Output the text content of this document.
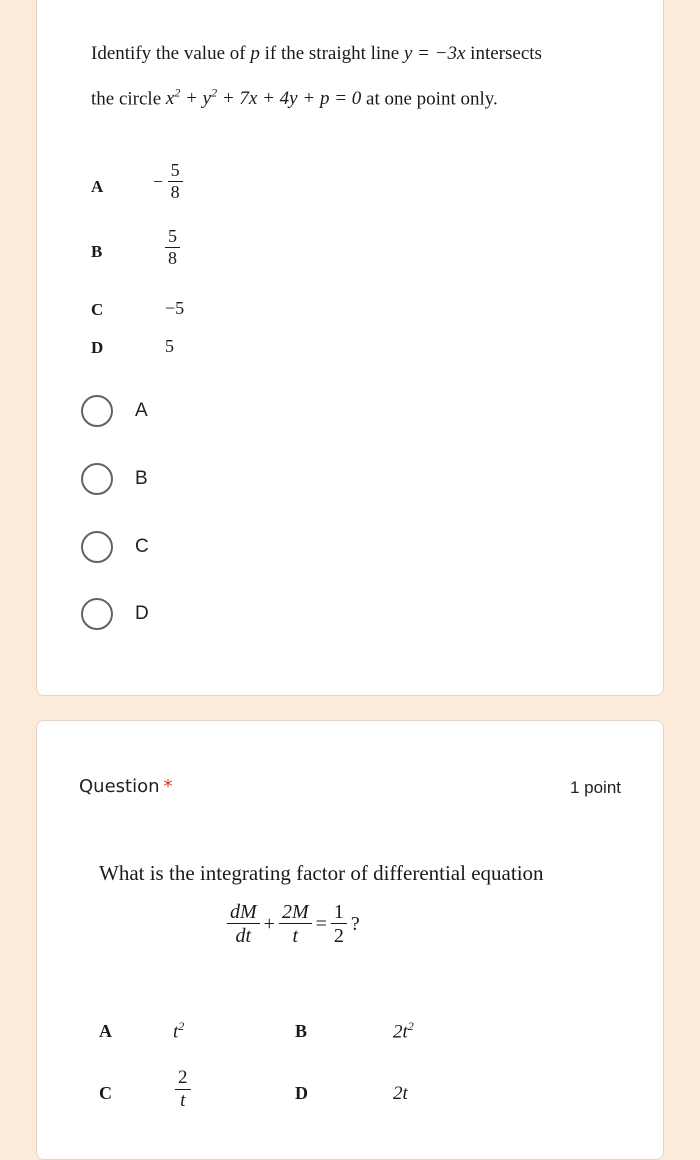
Identify the value of p if the straight line y = −3x intersects
the circle $x^2 + y^2 + 7x + 4y + p = 0$ at one point only.
A	− $\frac{5}{8}$
B	$\frac{5}{8}$
C	−5
D	5
A
B
C
D
Question *	1 point
What is the integrating factor of differential equation
$\frac{dM}{dt} + \frac{2M}{t} = \frac{1}{2}$ ?
A	$t^2$	B	$2t^2$
C	$\frac{2}{t}$	D	2t
